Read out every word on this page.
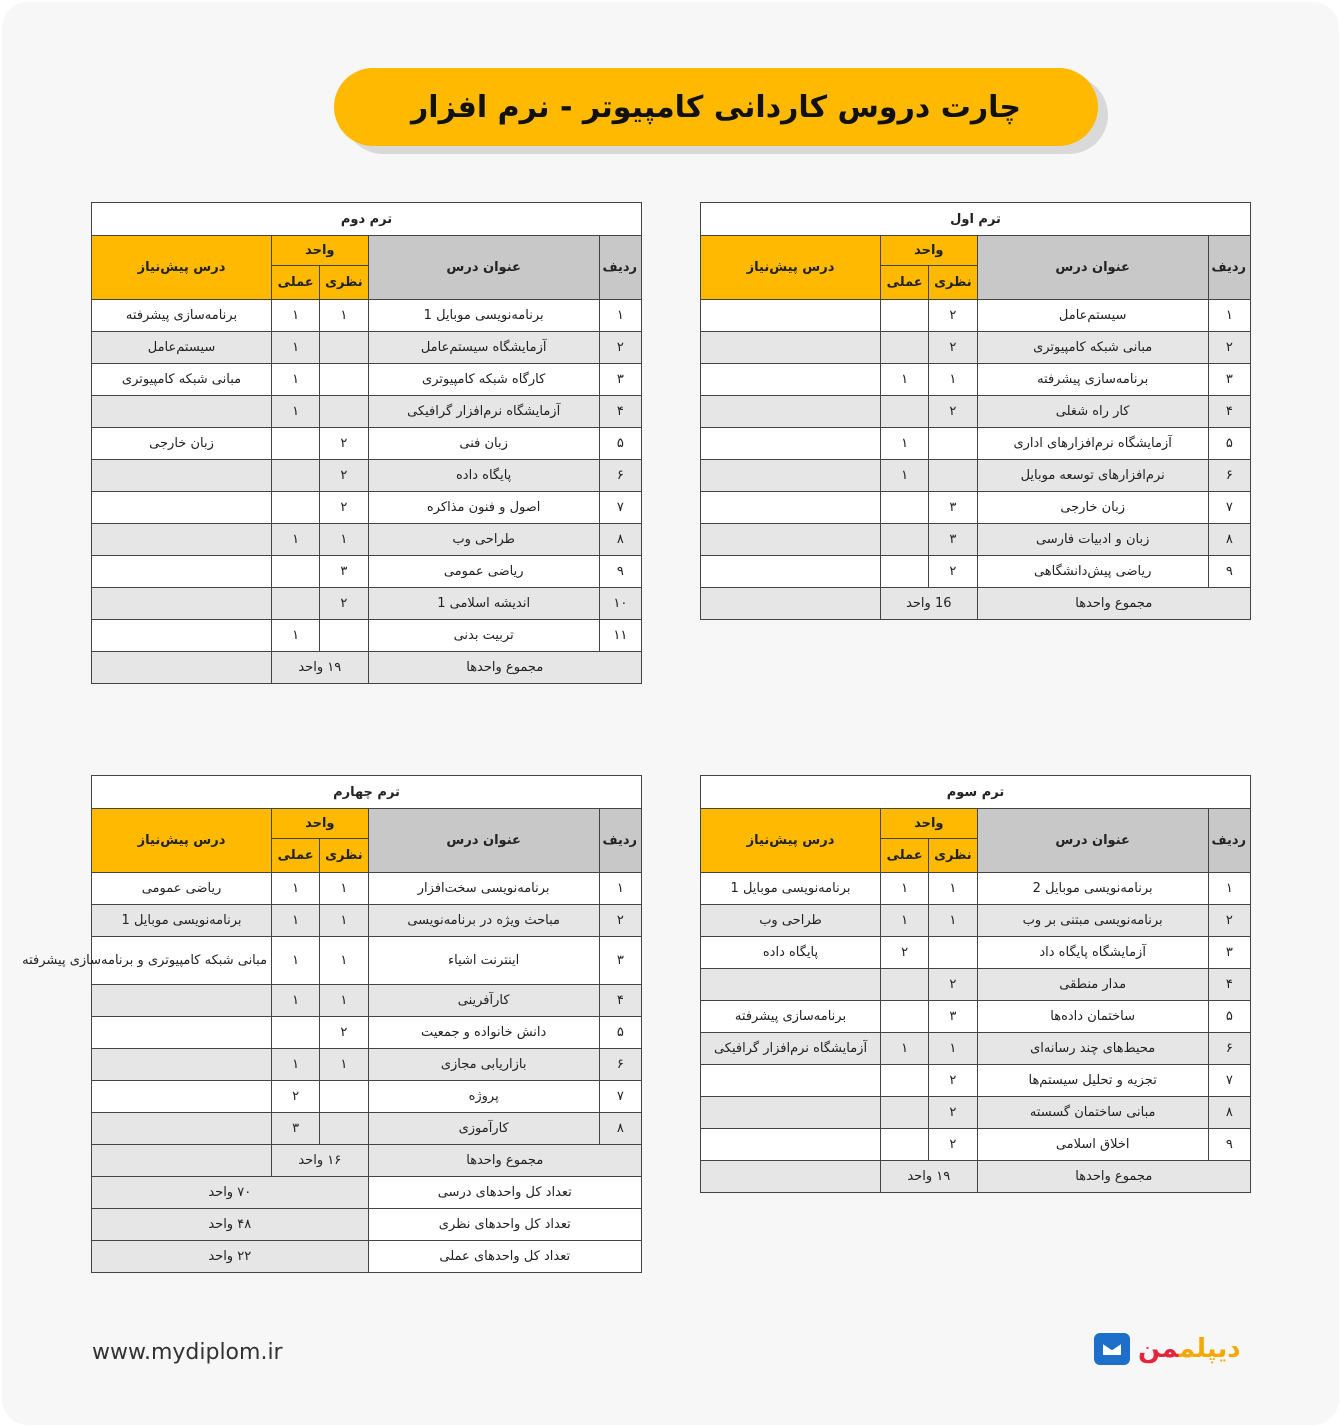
چارت دروس کاردانی کامپیوتر - نرم افزار
ترم اول				
ردیف	عنوان درس	واحد		درس پیش‌نیاز
		نظری	عملی	
۱	سیستم‌عامل	۲		
۲	مبانی شبکه کامپیوتری	۲		
۳	برنامه‌سازی پیشرفته	۱	۱	
۴	کار راه شغلی	۲		
۵	آزمایشگاه نرم‌افزارهای اداری		۱	
۶	نرم‌افزارهای توسعه موبایل		۱	
۷	زبان خارجی	۳		
۸	زبان و ادبیات فارسی	۳		
۹	ریاضی پیش‌دانشگاهی	۲		
مجموع واحدها		16 واحد		
ترم دوم				
ردیف	عنوان درس	واحد		درس پیش‌نیاز
		نظری	عملی	
۱	برنامه‌نویسی موبایل 1	۱	۱	برنامه‌سازی پیشرفته
۲	آزمایشگاه سیستم‌عامل		۱	سیستم‌عامل
۳	کارگاه شبکه کامپیوتری		۱	مبانی شبکه کامپیوتری
۴	آزمایشگاه نرم‌افزار گرافیکی		۱	
۵	زبان فنی	۲		زبان خارجی
۶	پایگاه داده	۲		
۷	اصول و فنون مذاکره	۲		
۸	طراحی وب	۱	۱	
۹	ریاضی عمومی	۳		
۱۰	اندیشه اسلامی 1	۲		
۱۱	تربیت بدنی		۱	
مجموع واحدها		۱۹ واحد		
ترم سوم				
ردیف	عنوان درس	واحد		درس پیش‌نیاز
		نظری	عملی	
۱	برنامه‌نویسی موبایل 2	۱	۱	برنامه‌نویسی موبایل 1
۲	برنامه‌نویسی مبتنی بر وب	۱	۱	طراحی وب
۳	آزمایشگاه پایگاه داد		۲	پایگاه داده
۴	مدار منطقی	۲		
۵	ساختمان داده‌ها	۳		برنامه‌سازی پیشرفته
۶	محیط‌های چند رسانه‌ای	۱	۱	آزمایشگاه نرم‌افزار گرافیکی
۷	تجزیه و تحلیل سیستم‌ها	۲		
۸	مبانی ساختمان گسسته	۲		
۹	اخلاق اسلامی	۲		
مجموع واحدها		۱۹ واحد		
ترم چهارم				
ردیف	عنوان درس	واحد		درس پیش‌نیاز
		نظری	عملی	
۱	برنامه‌نویسی سخت‌افزار	۱	۱	ریاضی عمومی
۲	مباحث ویژه در برنامه‌نویسی	۱	۱	برنامه‌نویسی موبایل 1
۳	اینترنت اشیاء	۱	۱	مبانی شبکه کامپیوتری و برنامه‌سازی پیشرفته
۴	کارآفرینی	۱	۱	
۵	دانش خانواده و جمعیت	۲		
۶	بازاریابی مجازی	۱	۱	
۷	پروژه		۲	
۸	کارآموزی		۳	
مجموع واحدها		۱۶ واحد		
تعداد کل واحدهای درسی		۷۰ واحد		
تعداد کل واحدهای نظری		۴۸ واحد		
تعداد کل واحدهای عملی		۲۲ واحد		
www.mydiplom.ir	دیپلممن
